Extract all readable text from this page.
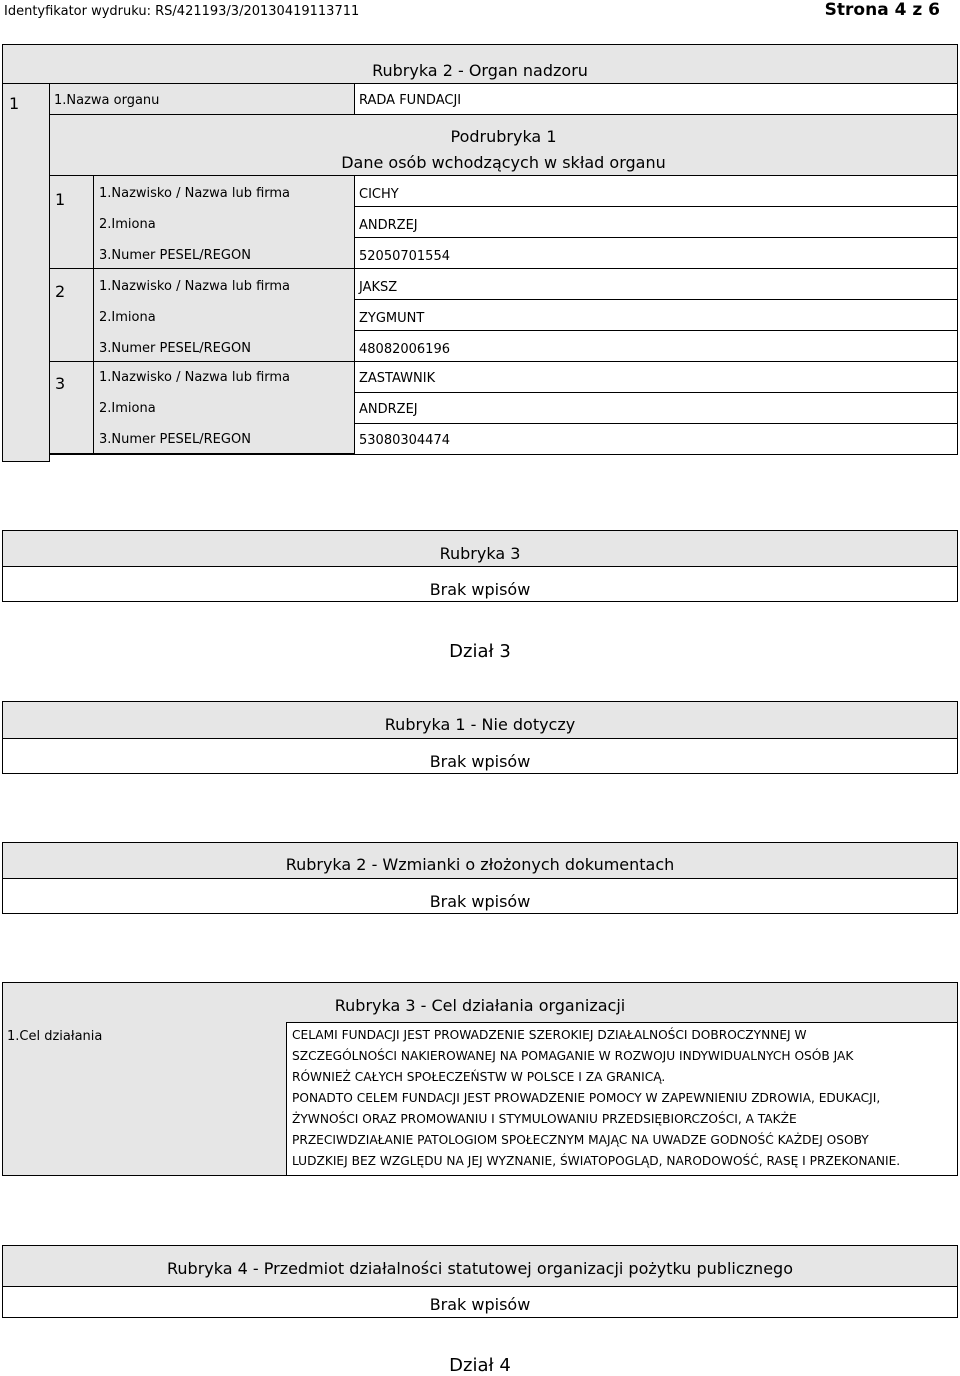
Identyfikator wydruku: RS/421193/3/20130419113711	Strona 4 z 6
Rubryka 2 - Organ nadzoru
1	1.Nazwa organu	RADA FUNDACJI
Podrubryka 1
Dane osób wchodzących w skład organu
1	1.Nazwisko / Nazwa lub firma	CICHY
2.Imiona	ANDRZEJ
3.Numer PESEL/REGON	52050701554
2	1.Nazwisko / Nazwa lub firma	JAKSZ
2.Imiona	ZYGMUNT
3.Numer PESEL/REGON	48082006196
3	1.Nazwisko / Nazwa lub firma	ZASTAWNIK
2.Imiona	ANDRZEJ
3.Numer PESEL/REGON	53080304474
Rubryka 3
Brak wpisów
Dział 3
Rubryka 1 - Nie dotyczy
Brak wpisów
Rubryka 2 - Wzmianki o złożonych dokumentach
Brak wpisów
Rubryka 3 - Cel działania organizacji
1.Cel działania	CELAMI FUNDACJI JEST PROWADZENIE SZEROKIEJ DZIAŁALNOŚCI DOBROCZYNNEJ W
SZCZEGÓLNOŚCI NAKIEROWANEJ NA POMAGANIE W ROZWOJU INDYWIDUALNYCH OSÓB JAK
RÓWNIEŻ CAŁYCH SPOŁECZEŃSTW W POLSCE I ZA GRANICĄ.
PONADTO CELEM FUNDACJI JEST PROWADZENIE POMOCY W ZAPEWNIENIU ZDROWIA, EDUKACJI,
ŻYWNOŚCI ORAZ PROMOWANIU I STYMULOWANIU PRZEDSIĘBIORCZOŚCI, A TAKŻE
PRZECIWDZIAŁANIE PATOLOGIOM SPOŁECZNYM MAJĄC NA UWADZE GODNOŚĆ KAŻDEJ OSOBY
LUDZKIEJ BEZ WZGLĘDU NA JEJ WYZNANIE, ŚWIATOPOGLĄD, NARODOWOŚĆ, RASĘ I PRZEKONANIE.
Rubryka 4 - Przedmiot działalności statutowej organizacji pożytku publicznego
Brak wpisów
Dział 4
